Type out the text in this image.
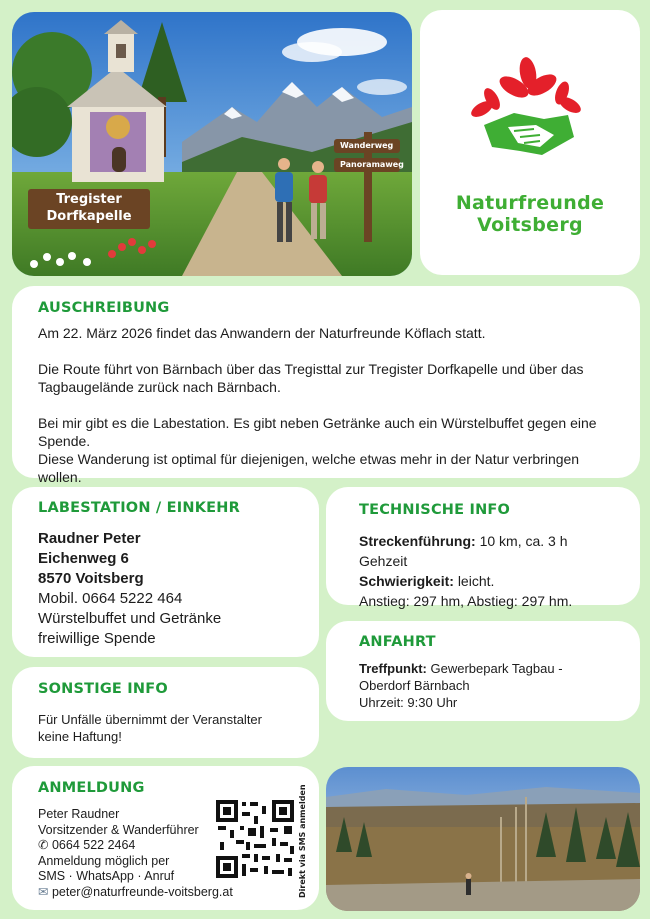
Tregister
Dorfkapelle
Wanderweg
Panoramaweg
Naturfreunde
Voitsberg
AUSCHREIBUNG

Am 22. März 2026 findet das Anwandern der Naturfreunde Köflach statt.

Die Route führt von Bärnbach über das Tregisttal zur Tregister Dorfkapelle und über das Tagbaugelände zurück nach Bärnbach.

Bei mir gibt es die Labestation. Es gibt neben Getränke auch ein Würstelbuffet gegen eine Spende.

Diese Wanderung ist optimal für diejenigen, welche etwas mehr in der Natur verbringen wollen.

LABESTATION / EINKEHR
Raudner Peter
Eichenweg 6
8570 Voitsberg
Mobil. 0664 5222 464
Würstelbuffet und Getränke
freiwillige Spende
TECHNISCHE INFO
Streckenführung: 10 km, ca. 3 h Gehzeit
Schwierigkeit: leicht.
Anstieg: 297 hm, Abstieg: 297 hm.
ANFAHRT
Treffpunkt: Gewerbepark Tagbau -
Oberdorf Bärnbach
Uhrzeit: 9:30 Uhr
SONSTIGE INFO
Für Unfälle übernimmt der Veranstalter keine Haftung!
ANMELDUNG
Peter Raudner
Vorsitzender & Wanderführer
✆ 0664 522 2464
Anmeldung möglich per
SMS · WhatsApp · Anruf
✉ peter@naturfreunde-voitsberg.at	Direkt via SMS anmelden
